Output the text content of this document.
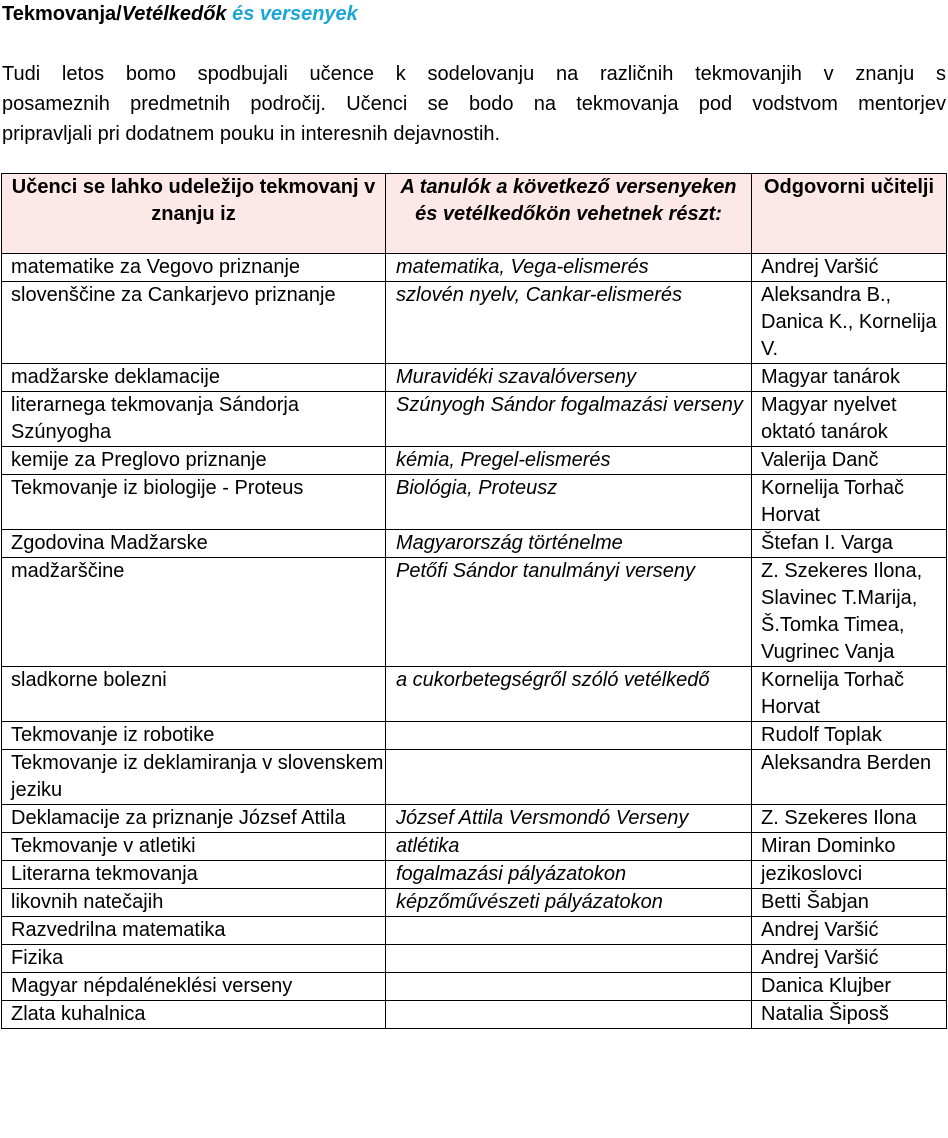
Tekmovanja/Vetélkedők és versenyek
Tudi letos bomo spodbujali učence k sodelovanju na različnih tekmovanjih v znanju s
posameznih predmetnih področij. Učenci se bodo na tekmovanja pod vodstvom mentorjev
pripravljali pri dodatnem pouku in interesnih dejavnostih.
Učenci se lahko udeležijo tekmovanj v znanju iz	A tanulók a következő versenyeken és vetélkedőkön vehetnek részt:	Odgovorni učitelji
matematike za Vegovo priznanje	matematika, Vega-elismerés	Andrej Varšić
slovenščine za Cankarjevo priznanje	szlovén nyelv, Cankar-elismerés	Aleksandra B., Danica K., Kornelija V.
madžarske deklamacije	Muravidéki szavalóverseny	Magyar tanárok
literarnega tekmovanja Sándorja Szúnyogha	Szúnyogh Sándor fogalmazási verseny	Magyar nyelvet oktató tanárok
kemije za Preglovo priznanje	kémia, Pregel-elismerés	Valerija Danč
Tekmovanje iz biologije - Proteus	Biológia, Proteusz	Kornelija Torhač Horvat
Zgodovina Madžarske	Magyarország történelme	Štefan I. Varga
madžarščine	Petőfi Sándor tanulmányi verseny	Z. Szekeres Ilona, Slavinec T.Marija, Š.Tomka Timea, Vugrinec Vanja
sladkorne bolezni	a cukorbetegségről szóló vetélkedő	Kornelija Torhač Horvat
Tekmovanje iz robotike		Rudolf Toplak
Tekmovanje iz deklamiranja v slovenskem jeziku		Aleksandra Berden
Deklamacije za priznanje József Attila	József Attila Versmondó Verseny	Z. Szekeres Ilona
Tekmovanje v atletiki	atlétika	Miran Dominko
Literarna tekmovanja	fogalmazási pályázatokon	jezikoslovci
likovnih natečajih	képzőművészeti pályázatokon	Betti Šabjan
Razvedrilna matematika		Andrej Varšić
Fizika		Andrej Varšić
Magyar népdaléneklési verseny		Danica Klujber
Zlata kuhalnica		Natalia Šiposš
